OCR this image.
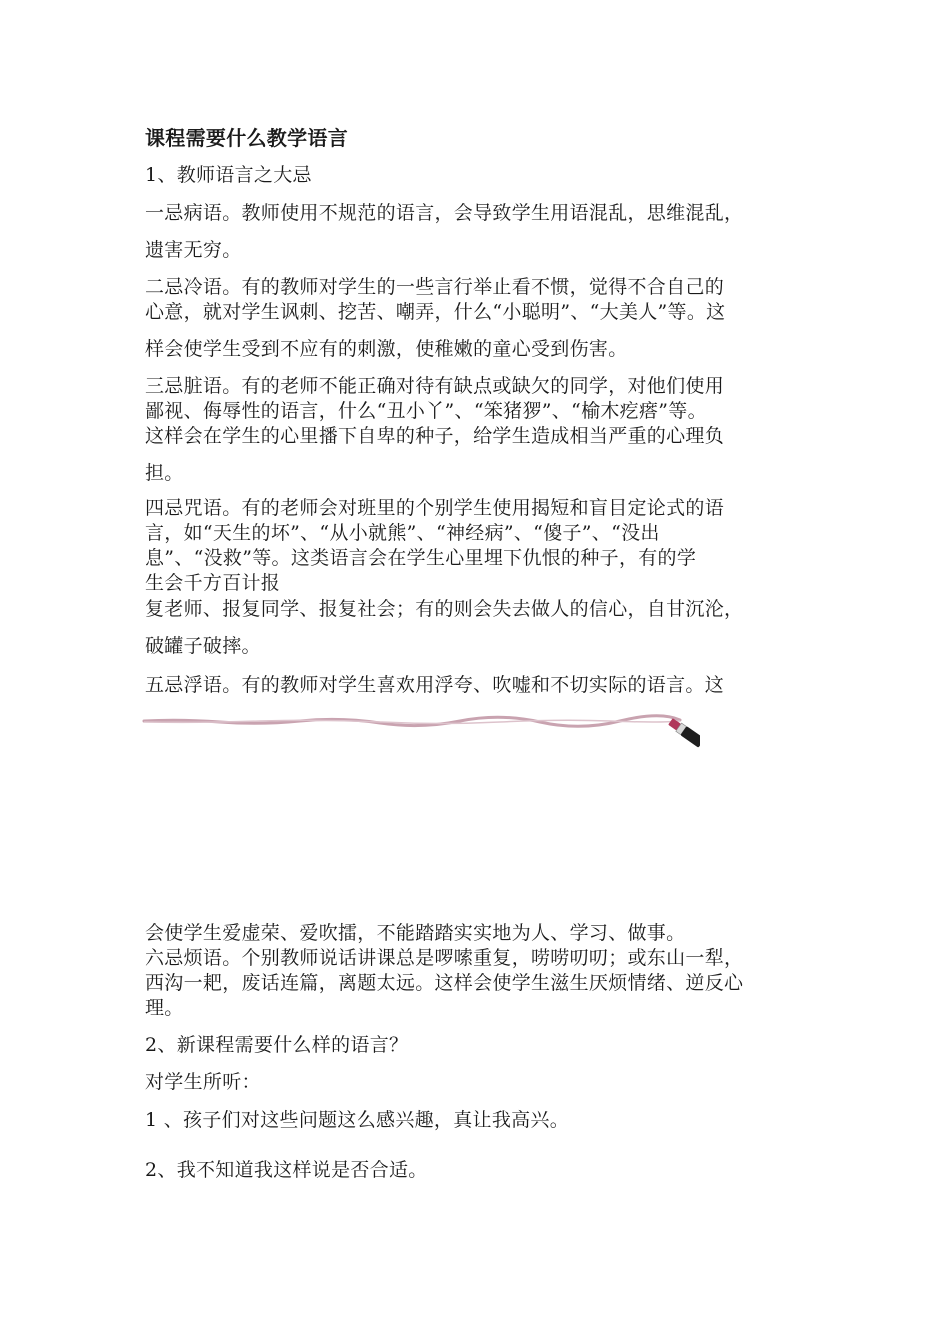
课程需要什么教学语言
1、教师语言之大忌
一忌病语。教师使用不规范的语言，会导致学生用语混乱，思维混乱，
遗害无穷。
二忌冷语。有的教师对学生的一些言行举止看不惯，觉得不合自己的
心意，就对学生讽刺、挖苦、嘲弄，什么“小聪明”、“大美人”等。这
样会使学生受到不应有的刺激，使稚嫩的童心受到伤害。
三忌脏语。有的老师不能正确对待有缺点或缺欠的同学，对他们使用
鄙视、侮辱性的语言，什么“丑小丫”、“笨猪猡”、“榆木疙瘩”等。
这样会在学生的心里播下自卑的种子，给学生造成相当严重的心理负
担。
四忌咒语。有的老师会对班里的个别学生使用揭短和盲目定论式的语
言，如“天生的坏”、“从小就熊”、“神经病”、“傻子”、“没出
息”、“没救”等。这类语言会在学生心里埋下仇恨的种子，有的学
生会千方百计报
复老师、报复同学、报复社会；有的则会失去做人的信心，自甘沉沦，
破罐子破摔。
五忌浮语。有的教师对学生喜欢用浮夸、吹嘘和不切实际的语言。这
会使学生爱虚荣、爱吹擂，不能踏踏实实地为人、学习、做事。
六忌烦语。个别教师说话讲课总是啰嗦重复，唠唠叨叨；或东山一犁，
西沟一耙，废话连篇，离题太远。这样会使学生滋生厌烦情绪、逆反心
理。
2、新课程需要什么样的语言？
对学生所听：
1 、孩子们对这些问题这么感兴趣，真让我高兴。
2、我不知道我这样说是否合适。
